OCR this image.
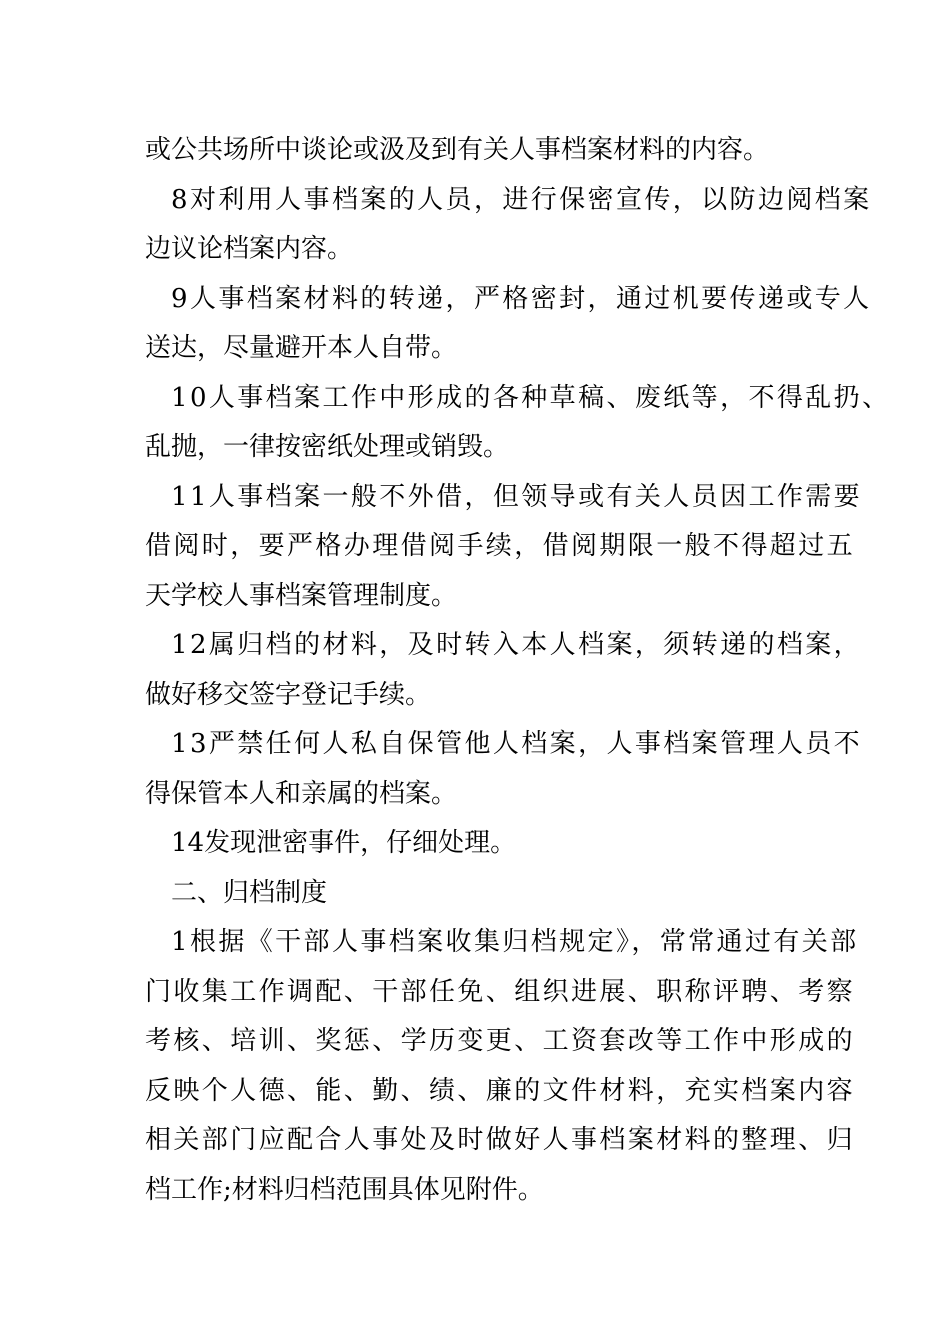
或公共场所中谈论或汲及到有关人事档案材料的内容。
8对利用人事档案的人员，进行保密宣传，以防边阅档案
边议论档案内容。
9人事档案材料的转递，严格密封，通过机要传递或专人
送达，尽量避开本人自带。
10人事档案工作中形成的各种草稿、废纸等，不得乱扔、
乱抛，一律按密纸处理或销毁。
11人事档案一般不外借，但领导或有关人员因工作需要
借阅时，要严格办理借阅手续，借阅期限一般不得超过五
天学校人事档案管理制度。
12属归档的材料，及时转入本人档案，须转递的档案，
做好移交签字登记手续。
13严禁任何人私自保管他人档案，人事档案管理人员不
得保管本人和亲属的档案。
14发现泄密事件，仔细处理。
二、归档制度
1根据《干部人事档案收集归档规定》，常常通过有关部
门收集工作调配、干部任免、组织进展、职称评聘、考察
考核、培训、奖惩、学历变更、工资套改等工作中形成的
反映个人德、能、勤、绩、廉的文件材料，充实档案内容
相关部门应配合人事处及时做好人事档案材料的整理、归
档工作;材料归档范围具体见附件。
